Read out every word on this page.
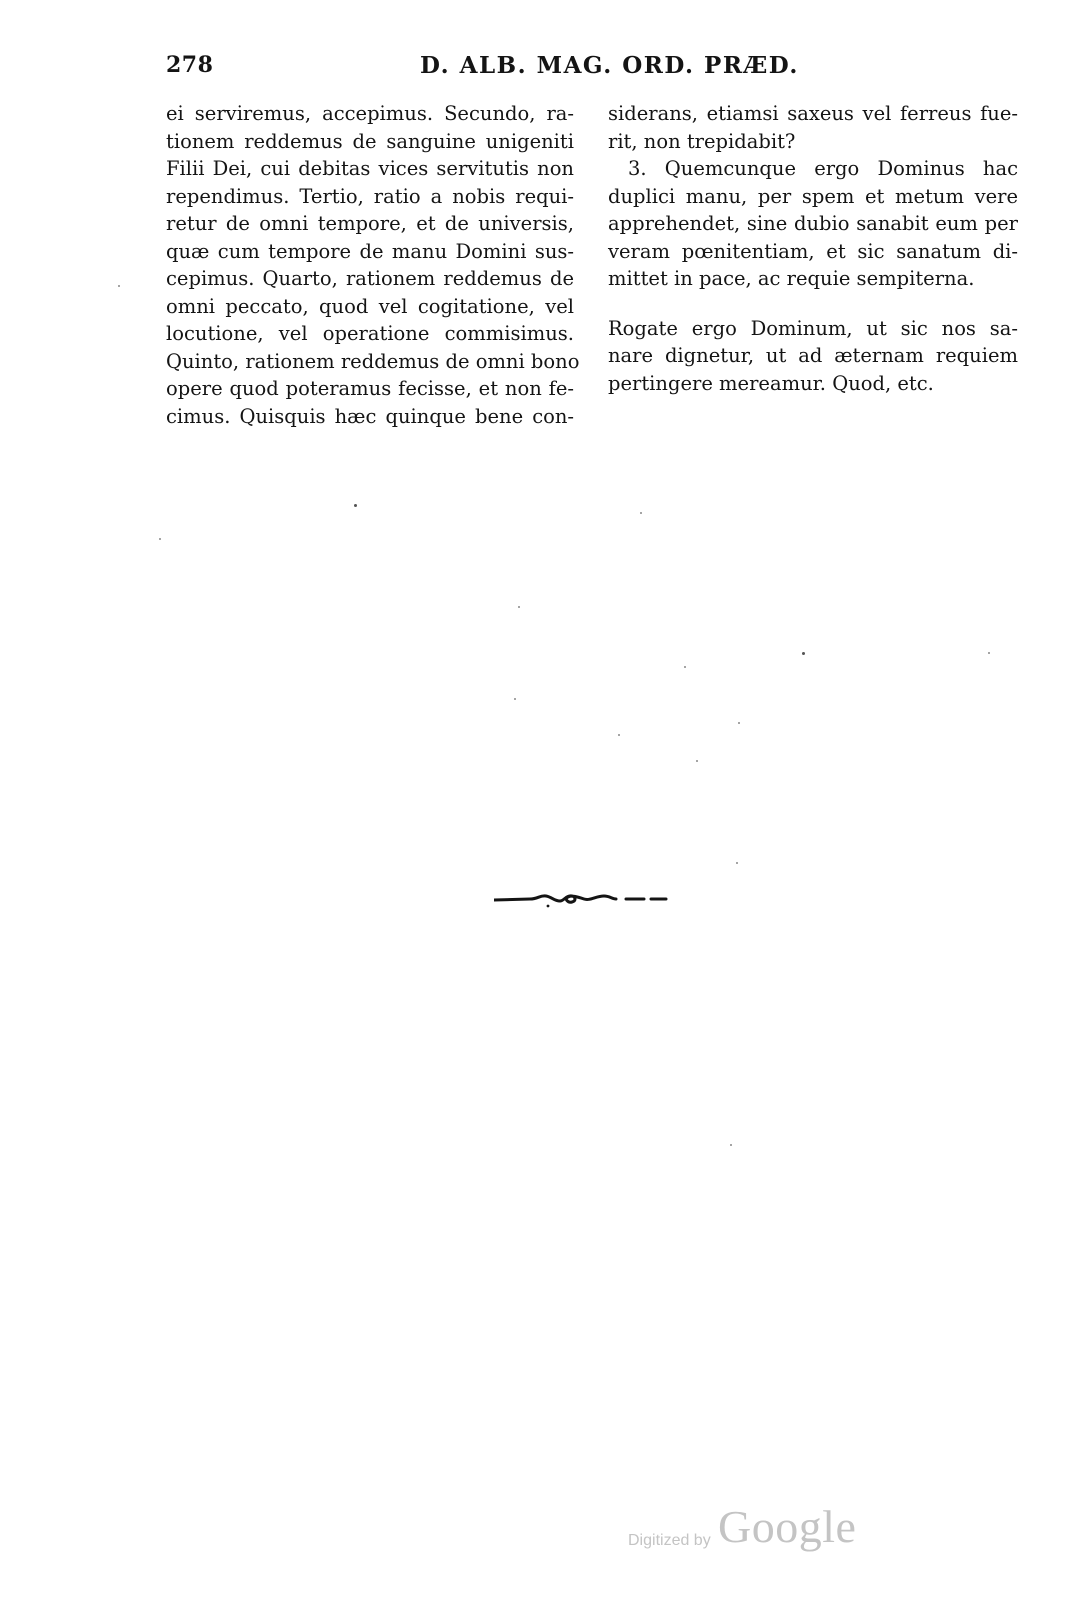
278	D. ALB. MAG. ORD. PRÆD.
ei serviremus, accepimus. Secundo, ra-
tionem reddemus de sanguine unigeniti
Filii Dei, cui debitas vices servitutis non
rependimus. Tertio, ratio a nobis requi-
retur de omni tempore, et de universis,
quæ cum tempore de manu Domini sus-
cepimus. Quarto, rationem reddemus de
omni peccato, quod vel cogitatione, vel
locutione, vel operatione commisimus.
Quinto, rationem reddemus de omni bono
opere quod poteramus fecisse, et non fe-
cimus. Quisquis hæc quinque bene con-
siderans, etiamsi saxeus vel ferreus fue-
rit, non trepidabit?
3. Quemcunque ergo Dominus hac
duplici manu, per spem et metum vere
apprehendet, sine dubio sanabit eum per
veram pœnitentiam, et sic sanatum di-
mittet in pace, ac requie sempiterna.
Rogate ergo Dominum, ut sic nos sa-
nare dignetur, ut ad æternam requiem
pertingere mereamur. Quod, etc.
Digitized by Google
